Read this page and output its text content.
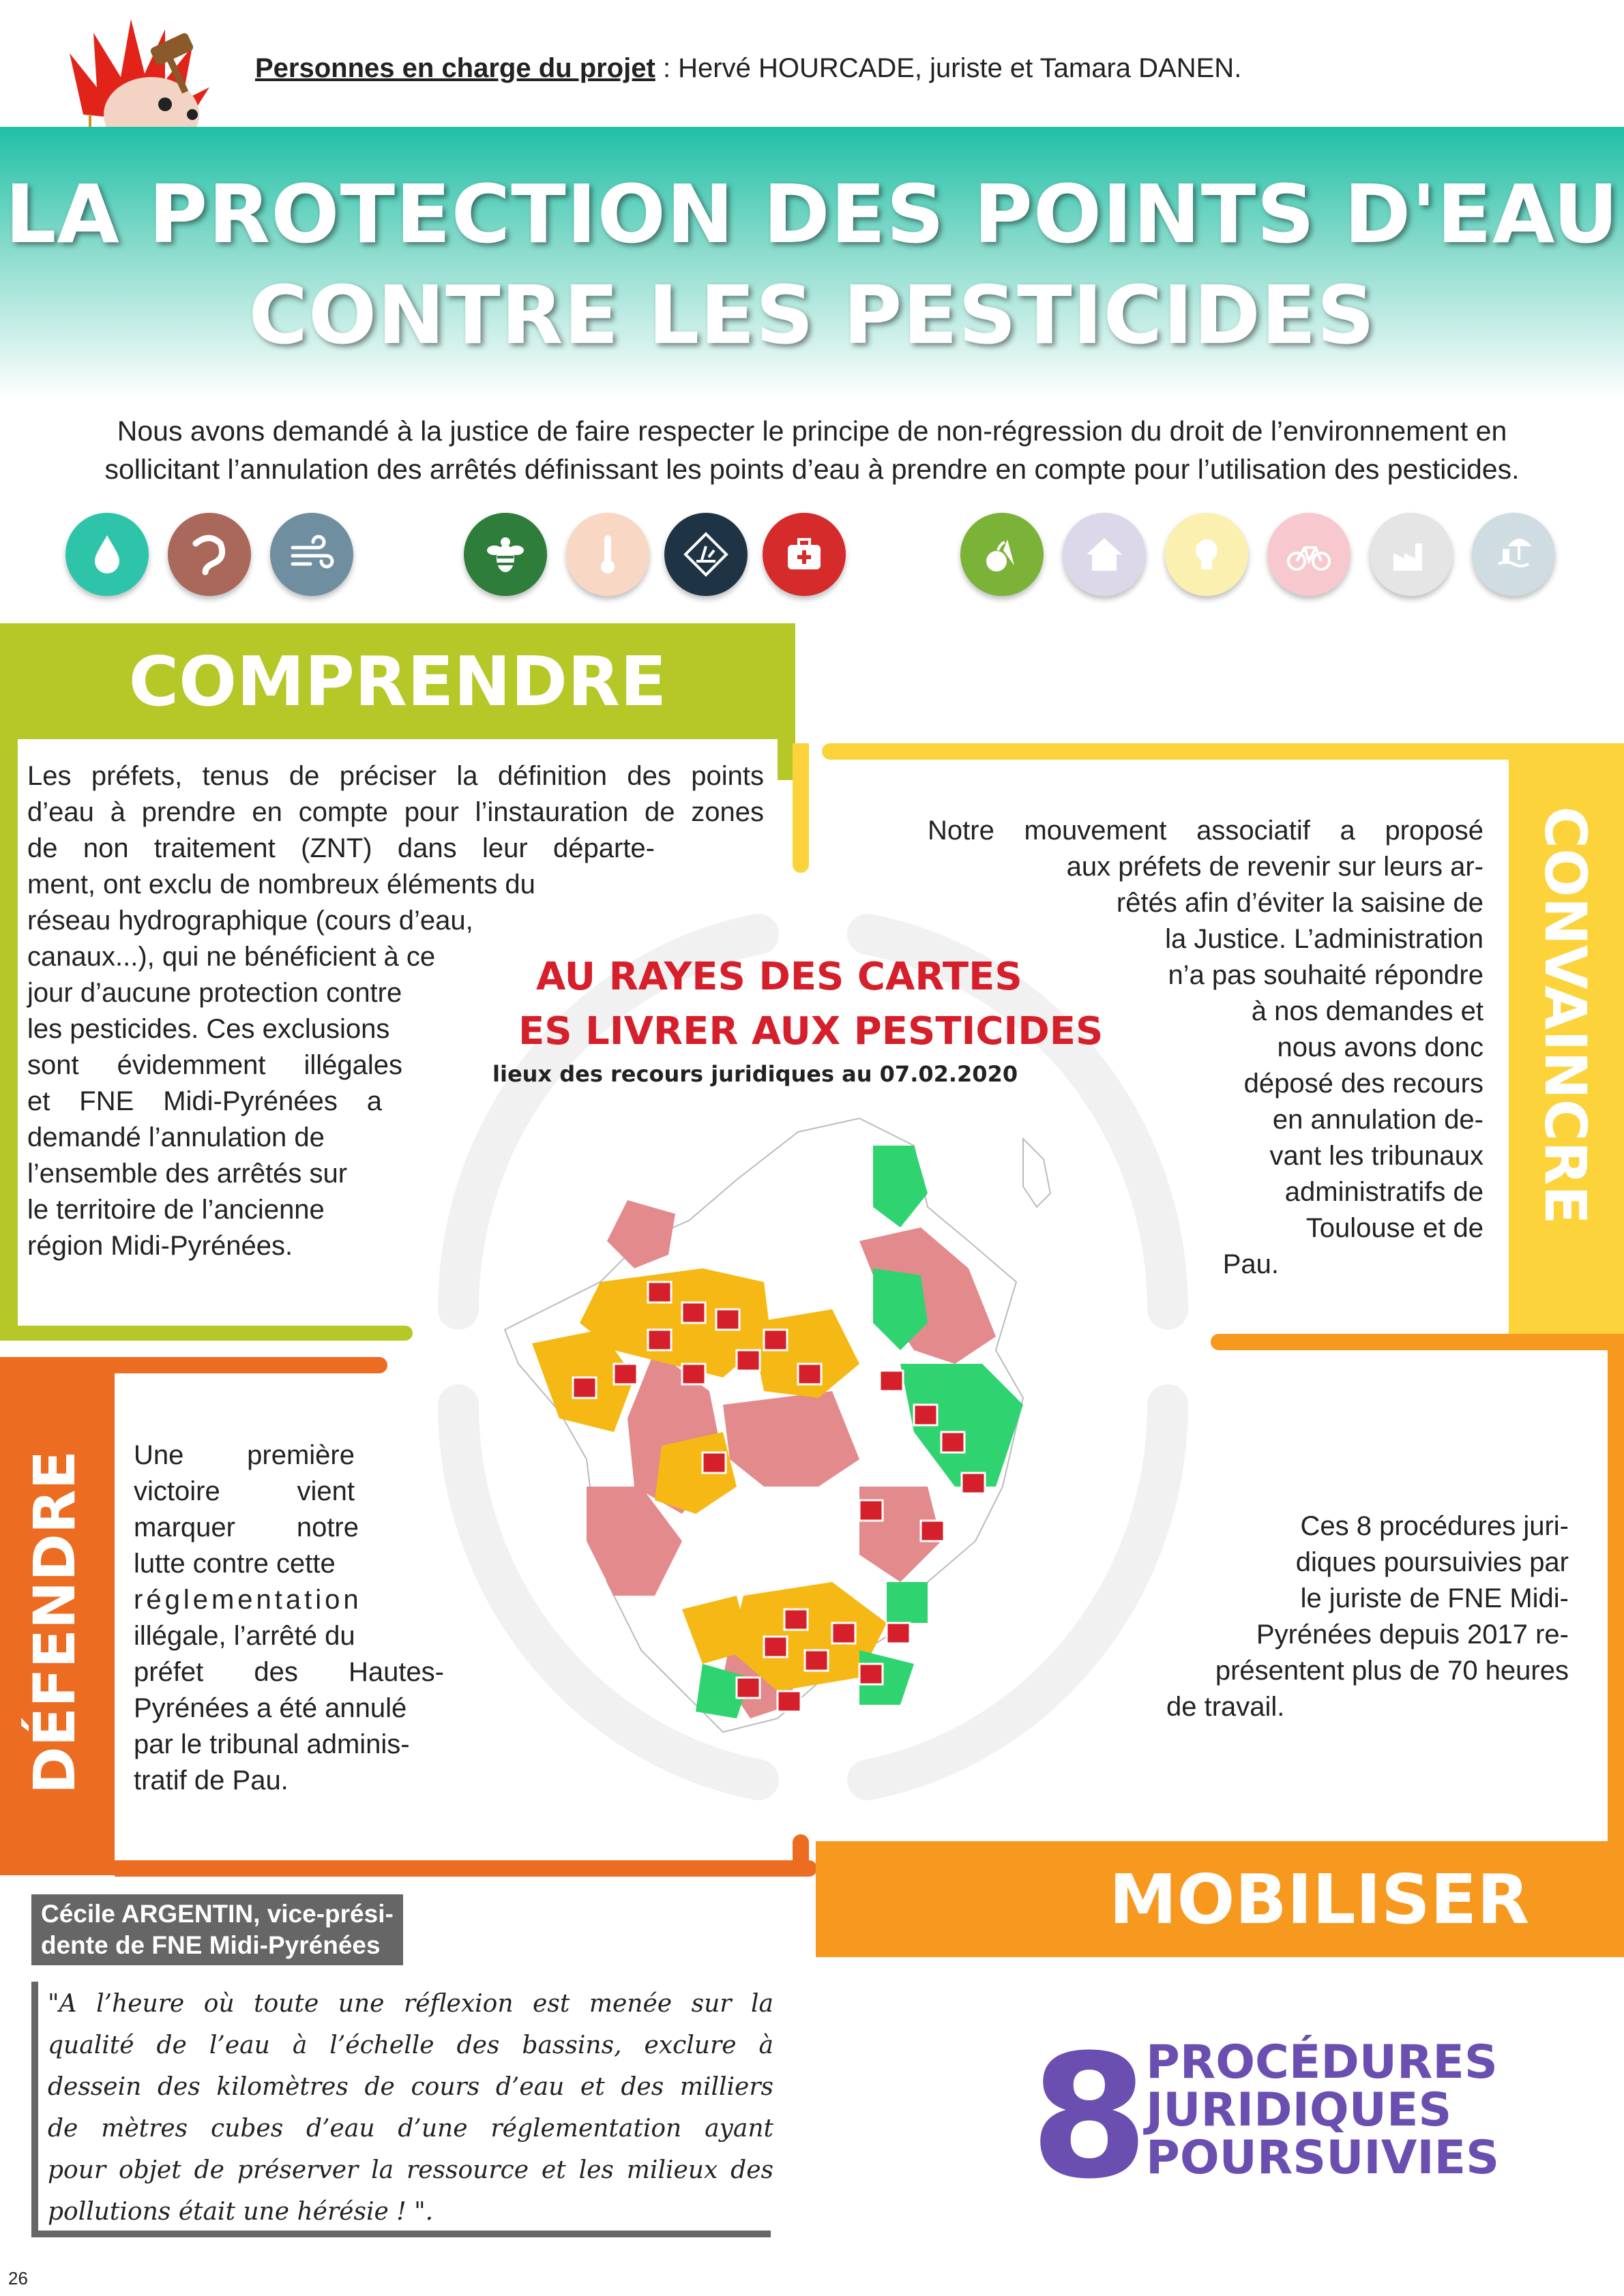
Personnes en charge du projet : Hervé HOURCADE, juriste et Tamara DANEN.
LA PROTECTION DES POINTS D'EAU
CONTRE LES PESTICIDES
Nous avons demandé à la justice de faire respecter le principe de non-régression du droit de l’environnement en
sollicitant l’annulation des arrêtés définissant les points d’eau à prendre en compte pour l’utilisation des pesticides.
COMPRENDRE
Les préfets, tenus de préciser la définition des points
d’eau à prendre en compte pour l’instauration de zones
de non traitement (ZNT) dans leur départe-
ment, ont exclu de nombreux éléments du
réseau hydrographique (cours d’eau,
canaux...), qui ne bénéficient à ce
jour d’aucune protection contre
les pesticides. Ces exclusions
sont évidemment illégales
et FNE Midi-Pyrénées a
demandé l’annulation de
l’ensemble des arrêtés sur
le territoire de l’ancienne
région Midi-Pyrénées.
CONVAINCRE
Notre mouvement associatif a proposé
aux préfets de revenir sur leurs ar-
rêtés afin d’éviter la saisine de
la Justice. L’administration
n’a pas souhaité répondre
à nos demandes et
nous avons donc
déposé des recours
en annulation de-
vant les tribunaux
administratifs de
Toulouse et de
Pau.
DÉFENDRE Une première
victoire vient
marquer notre
lutte contre cette
réglementation
illégale, l’arrêté du
préfet des Hautes-
Pyrénées a été annulé
par le tribunal adminis-
tratif de Pau.
MOBILISER
Ces 8 procédures juri-
diques poursuivies par
le juriste de FNE Midi-
Pyrénées depuis 2017 re-
présentent plus de 70 heures
de travail.
AU RAYES DES CARTES
ES LIVRER AUX PESTICIDES
lieux des recours juridiques au 07.02.2020
Cécile ARGENTIN, vice-prési-
dente de FNE Midi-Pyrénées
"A l’heure où toute une réflexion est menée sur la
qualité de l’eau à l’échelle des bassins, exclure à
dessein des kilomètres de cours d’eau et des milliers
de mètres cubes d’eau d’une réglementation ayant
pour objet de préserver la ressource et les milieux des
pollutions était une hérésie ! ".	8
PROCÉDURES
JURIDIQUES
POURSUIVIES
26
